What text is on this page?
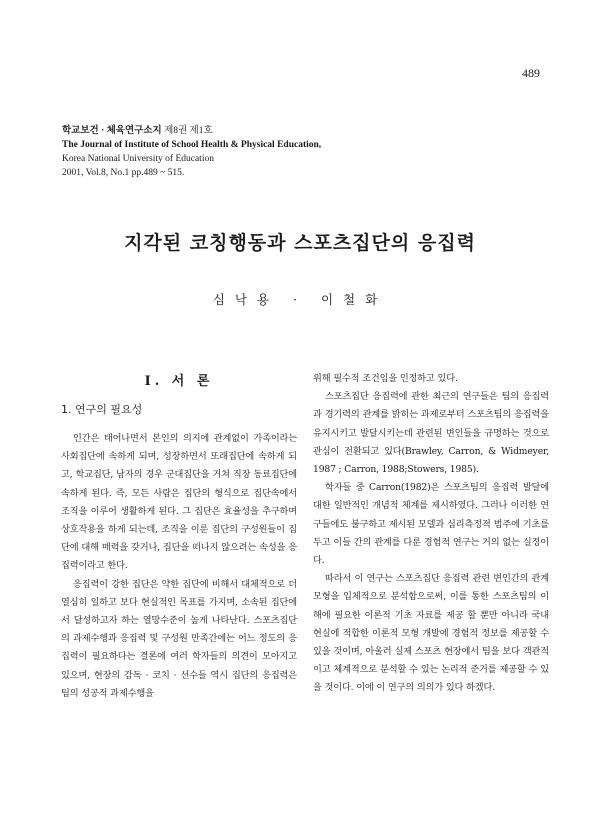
489
학교보건 · 체육연구소지 제8권 제1호
The Journal of Institute of School Health & Physical Education,
Korea National University of Education
2001, Vol.8, No.1 pp.489 ~ 515.
지각된 코칭행동과 스포츠집단의 응집력
심낙용 · 이철화
Ⅰ. 서 론
1. 연구의 필요성

인간은 태어나면서 본인의 의지에 관계없이 가족이라는 사회집단에 속하게 되며, 성장하면서 또래집단에 속하게 되고, 학교집단, 남자의 경우 군대집단을 거쳐 직장 동료집단에 속하게 된다. 즉, 모든 사람은 집단의 형식으로 집단속에서 조직을 이루어 생활하게 된다. 그 집단은 효율성을 추구하며 상호작용을 하게 되는데, 조직을 이룬 집단의 구성원들이 집단에 대해 매력을 갖거나, 집단을 떠나지 않으려는 속성을 응집력이라고 한다.

응집력이 강한 집단은 약한 집단에 비해서 대체적으로 더 열심히 일하고 보다 현실적인 목표를 가지며, 소속된 집단에서 달성하고자 하는 열망수준이 높게 나타난다. 스포츠집단의 과제수행과 응집력 및 구성원 만족간에는 어느 정도의 응집력이 필요하다는 결론에 여러 학자들의 의견이 모아지고 있으며, 현장의 감독 · 코치 · 선수들 역시 집단의 응집력은 팀의 성공적 과제수행을

위해 필수적 조건임을 인정하고 있다.

스포츠집단 응집력에 관한 최근의 연구들은 팀의 응집력과 경기력의 관계를 밝히는 과제로부터 스포츠팀의 응집력을 유지시키고 발달시키는데 관련된 변인들을 규명하는 것으로 관심이 전환되고 있다(Brawley, Carron, & Widmeyer, 1987 ; Carron, 1988;Stowers, 1985).

학자들 중 Carron(1982)은 스포츠팀의 응집력 발달에 대한 일반적인 개념적 체계를 제시하였다. 그러나 이러한 연구들에도 불구하고 제시된 모델과 심리측정적 범주에 기초를 두고 이들 간의 관계를 다룬 경험적 연구는 거의 없는 실정이다.

따라서 이 연구는 스포츠집단 응집력 관련 변인간의 관계 모형을 입체적으로 분석함으로써, 이를 통한 스포츠팀의 이해에 필요한 이론적 기초 자료를 제공 할 뿐만 아니라 국내 현실에 적합한 이론적 모형 개발에 경험적 정보를 제공할 수 있을 것이며, 아울러 실제 스포츠 현장에서 팀을 보다 객관적이고 체계적으로 분석할 수 있는 논리적 준거를 제공할 수 있을 것이다. 이에 이 연구의 의의가 있다 하겠다.
